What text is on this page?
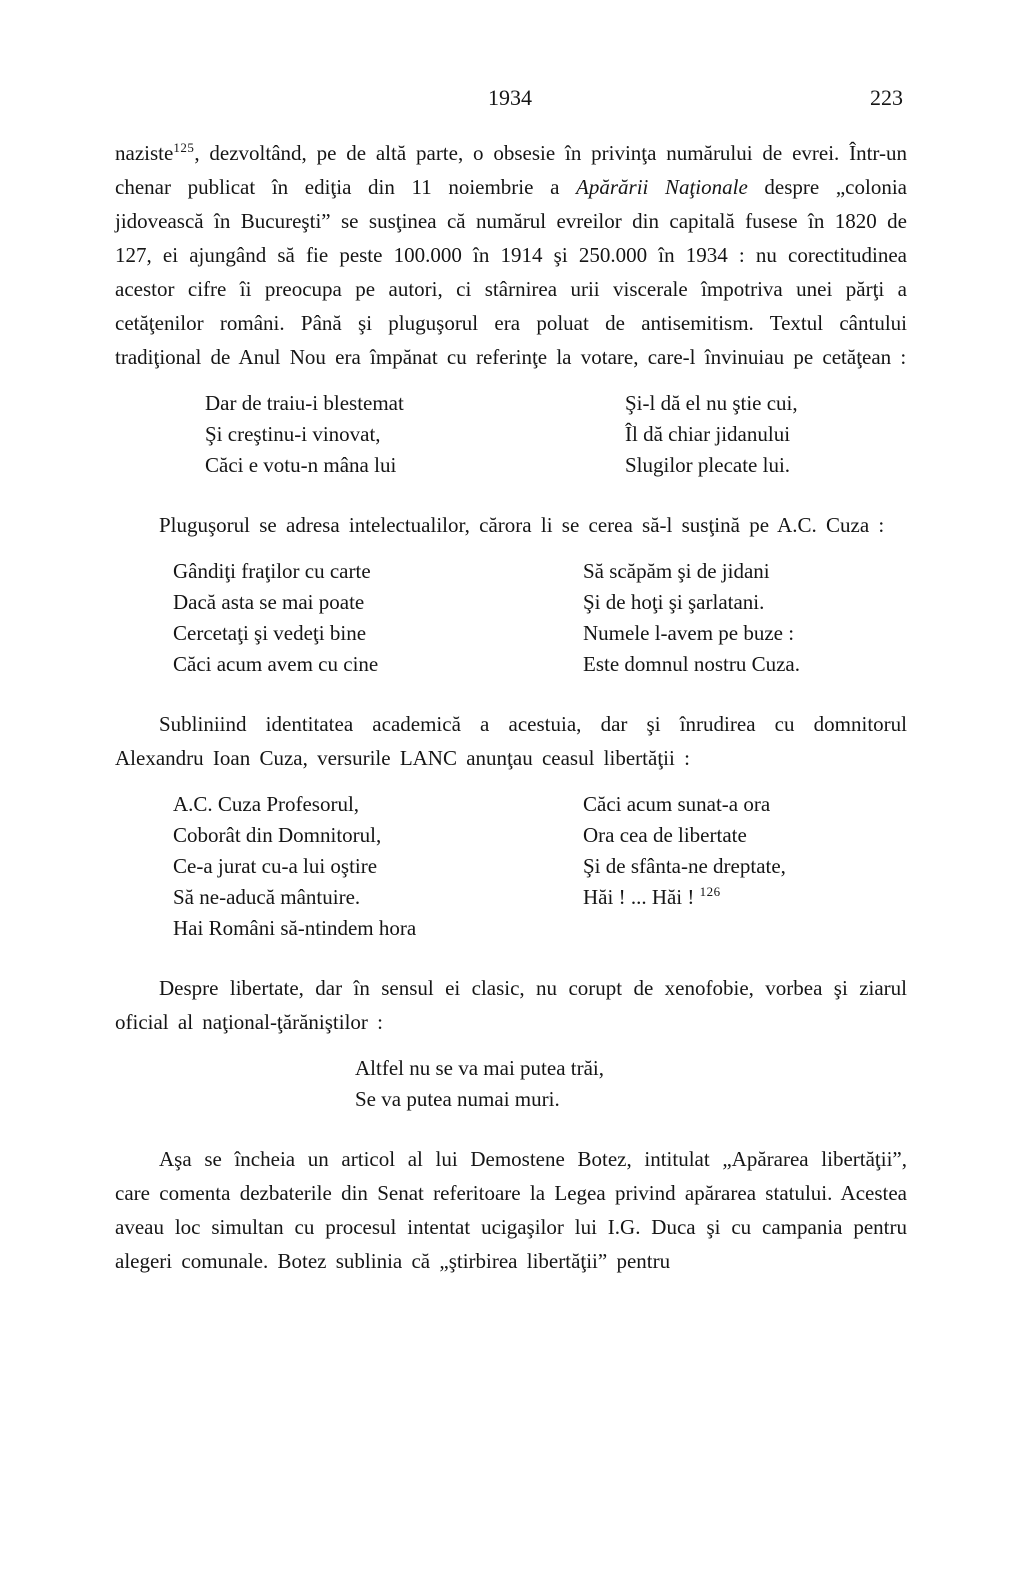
1934	223

naziste$^{125}$, dezvoltând, pe de altă parte, o obsesie în privinţa numărului de evrei. Într-un chenar publicat în ediţia din 11 noiembrie a Apărării Naţionale despre „colonia jidovească în Bucureşti” se susţinea că numărul evreilor din capitală fusese în 1820 de 127, ei ajungând să fie peste 100.000 în 1914 şi 250.000 în 1934 : nu corectitudinea acestor cifre îi preocupa pe autori, ci stârnirea urii viscerale împotriva unei părţi a cetăţenilor români. Până şi pluguşorul era poluat de antisemitism. Textul cântului tradiţional de Anul Nou era împănat cu referinţe la votare, care-l învinuiau pe cetăţean :

Dar de traiu-i blestemat
Şi creştinu-i vinovat,
Căci e votu-n mâna lui
Şi-l dă el nu ştie cui,
Îl dă chiar jidanului
Slugilor plecate lui.

Pluguşorul se adresa intelectualilor, cărora li se cerea să-l susţină pe A.C. Cuza :

Gândiţi fraţilor cu carte
Dacă asta se mai poate
Cercetaţi şi vedeţi bine
Căci acum avem cu cine
Să scăpăm şi de jidani
Şi de hoţi şi şarlatani.
Numele l-avem pe buze :
Este domnul nostru Cuza.

Subliniind identitatea academică a acestuia, dar şi înrudirea cu domnitorul Alexandru Ioan Cuza, versurile LANC anunţau ceasul libertăţii :

A.C. Cuza Profesorul,
Coborât din Domnitorul,
Ce-a jurat cu-a lui oştire
Să ne-aducă mântuire.
Hai Români să-ntindem hora
Căci acum sunat-a ora
Ora cea de libertate
Şi de sfânta-ne dreptate,
Hăi ! ... Hăi ! $^{126}$

Despre libertate, dar în sensul ei clasic, nu corupt de xenofobie, vorbea şi ziarul oficial al naţional-ţărăniştilor :

Altfel nu se va mai putea trăi,
Se va putea numai muri.

Aşa se încheia un articol al lui Demostene Botez, intitulat „Apărarea libertăţii”, care comenta dezbaterile din Senat referitoare la Legea privind apărarea statului. Acestea aveau loc simultan cu procesul intentat ucigaşilor lui I.G. Duca şi cu campania pentru alegeri comunale. Botez sublinia că „ştirbirea libertăţii” pentru
